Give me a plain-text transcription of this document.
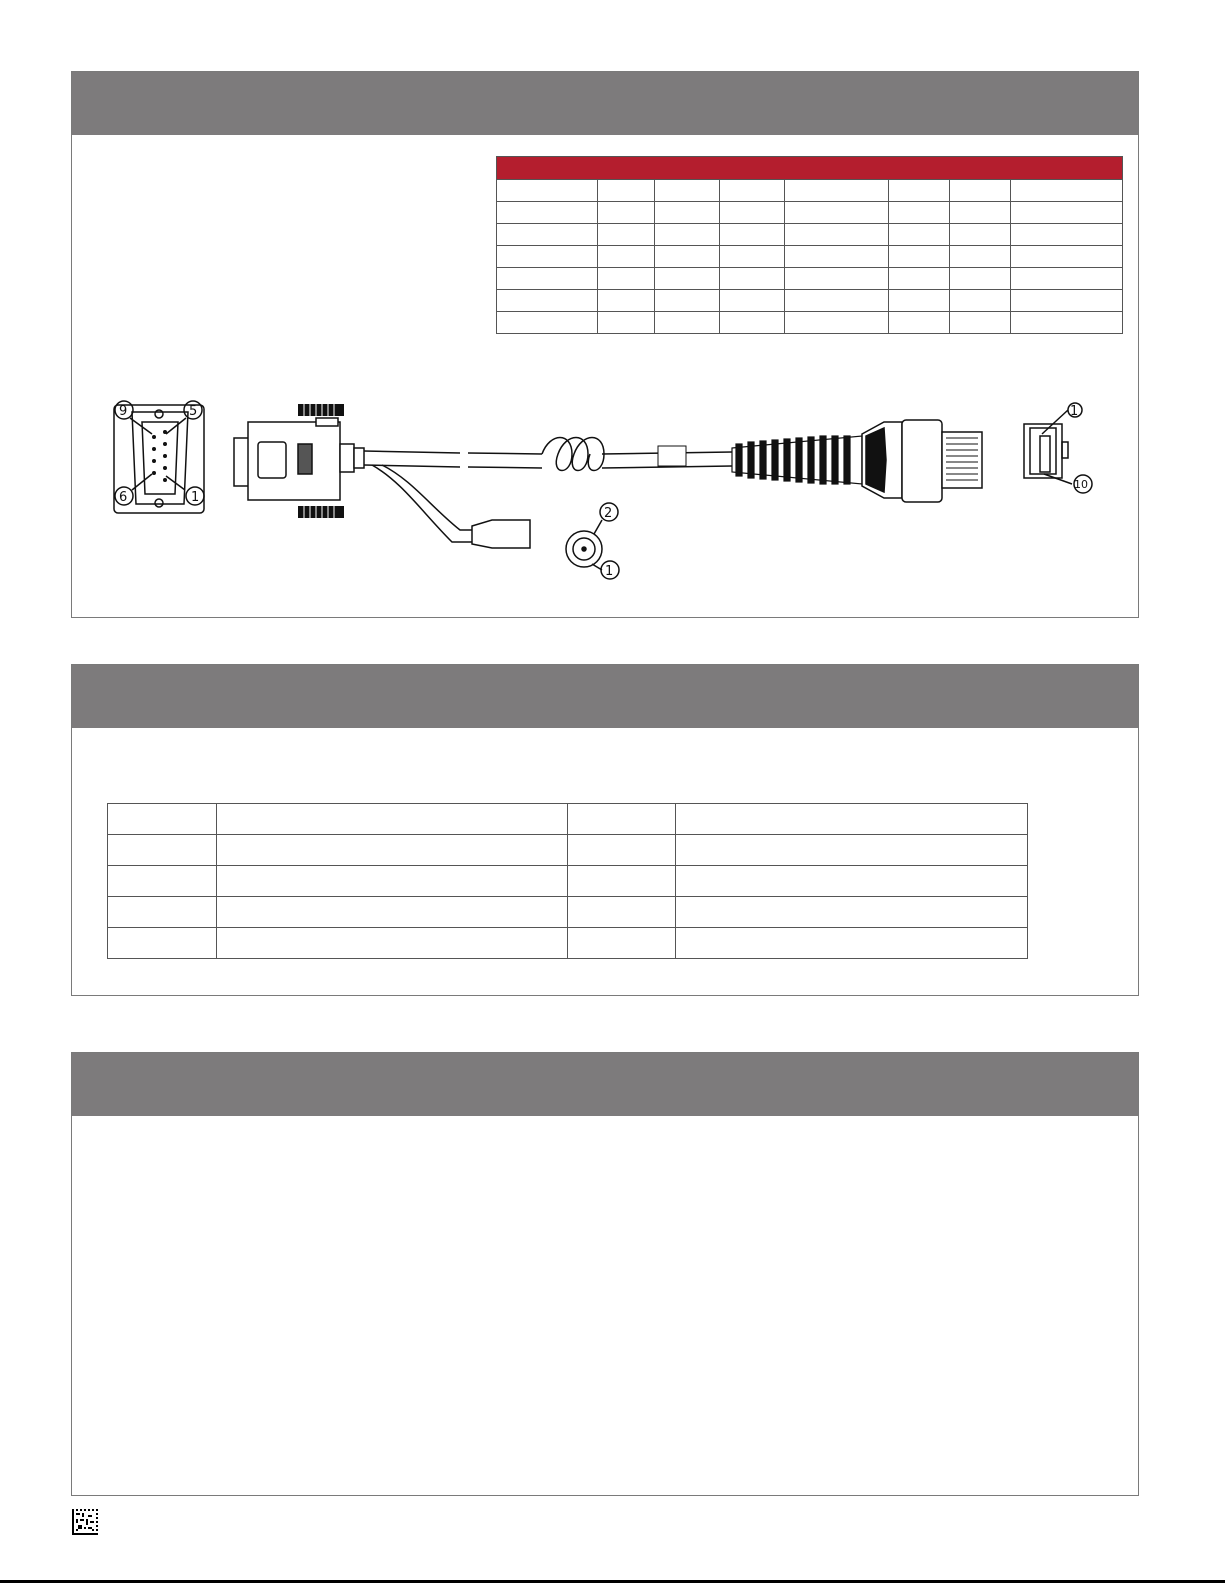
9	5
6	1
2
1
1
10
